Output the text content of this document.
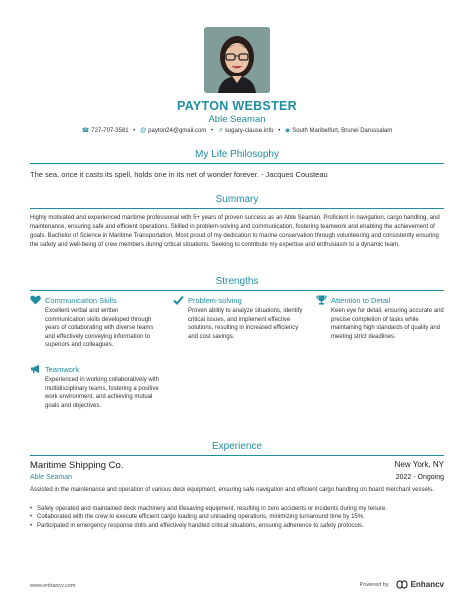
PAYTON WEBSTER
Able Seaman
☎ 727-707-3581 • @ payton24@gmail.com • ↗ sugary-clause.info • ◉ South Maribelfurt, Brunei Darussalam
My Life Philosophy
The sea, once it casts its spell, holds one in its net of wonder forever. - Jacques Cousteau
Summary
Highly motivated and experienced maritime professional with 5+ years of proven success as an Able Seaman. Proficient in navigation, cargo handling, and maintenance, ensuring safe and efficient operations. Skilled in problem-solving and communication, fostering teamwork and enabling the achievement of goals. Bachelor of Science in Maritime Transportation. Most proud of my dedication to marine conservation through volunteering and consistently ensuring the safety and well-being of crew members during critical situations. Seeking to contribute my expertise and enthusiasm to a dynamic team.
Strengths
Communication Skills
Excellent verbal and written communication skills developed through years of collaborating with diverse teams and effectively conveying information to superiors and colleagues.
Problem-solving
Proven ability to analyze situations, identify critical issues, and implement effective solutions, resulting in increased efficiency and cost savings.
Attention to Detail
Keen eye for detail, ensuring accurate and precise completion of tasks while maintaining high standards of quality and meeting strict deadlines.
Teamwork
Experienced in working collaboratively with multidisciplinary teams, fostering a positive work environment, and achieving mutual goals and objectives.
Experience
Maritime Shipping Co.	New York, NY
Able Seaman	2022 - Ongoing
Assisted in the maintenance and operation of various deck equipment, ensuring safe navigation and efficient cargo handling on board merchant vessels.
• Safely operated and maintained deck machinery and lifesaving equipment, resulting in zero accidents or incidents during my tenure.
• Collaborated with the crew to execute efficient cargo loading and unloading operations, minimizing turnaround time by 15%.
• Participated in emergency response drills and effectively handled critical situations, ensuring adherence to safety protocols.
www.enhancv.com	Powered by	Enhancv
